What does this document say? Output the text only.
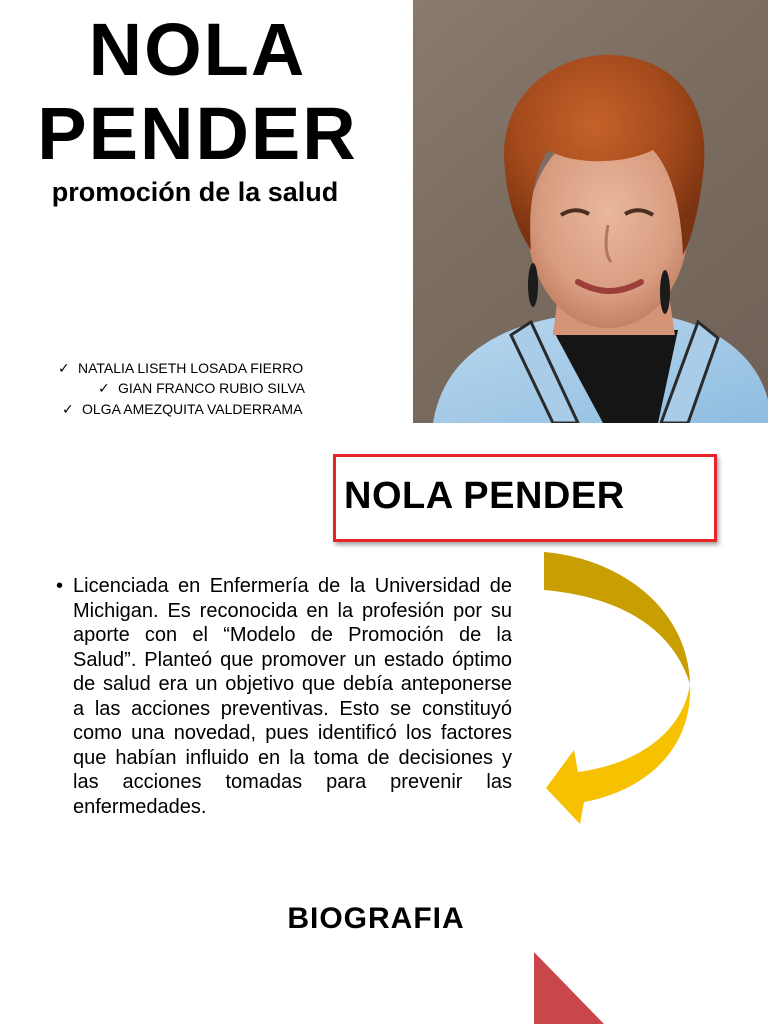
NOLA
PENDER
promoción de la salud
✓ NATALIA LISETH LOSADA FIERRO
✓ GIAN FRANCO RUBIO SILVA
✓ OLGA AMEZQUITA VALDERRAMA
NOLA PENDER
• Licenciada en Enfermería de la Universidad de Michigan. Es reconocida en la profesión por su aporte con el “Modelo de Promoción de la Salud”. Planteó que promover un estado óptimo de salud era un objetivo que debía anteponerse a las acciones preventivas. Esto se constituyó como una novedad, pues identificó los factores que habían influido en la toma de decisiones y las acciones tomadas para prevenir las enfermedades.
BIOGRAFIA
